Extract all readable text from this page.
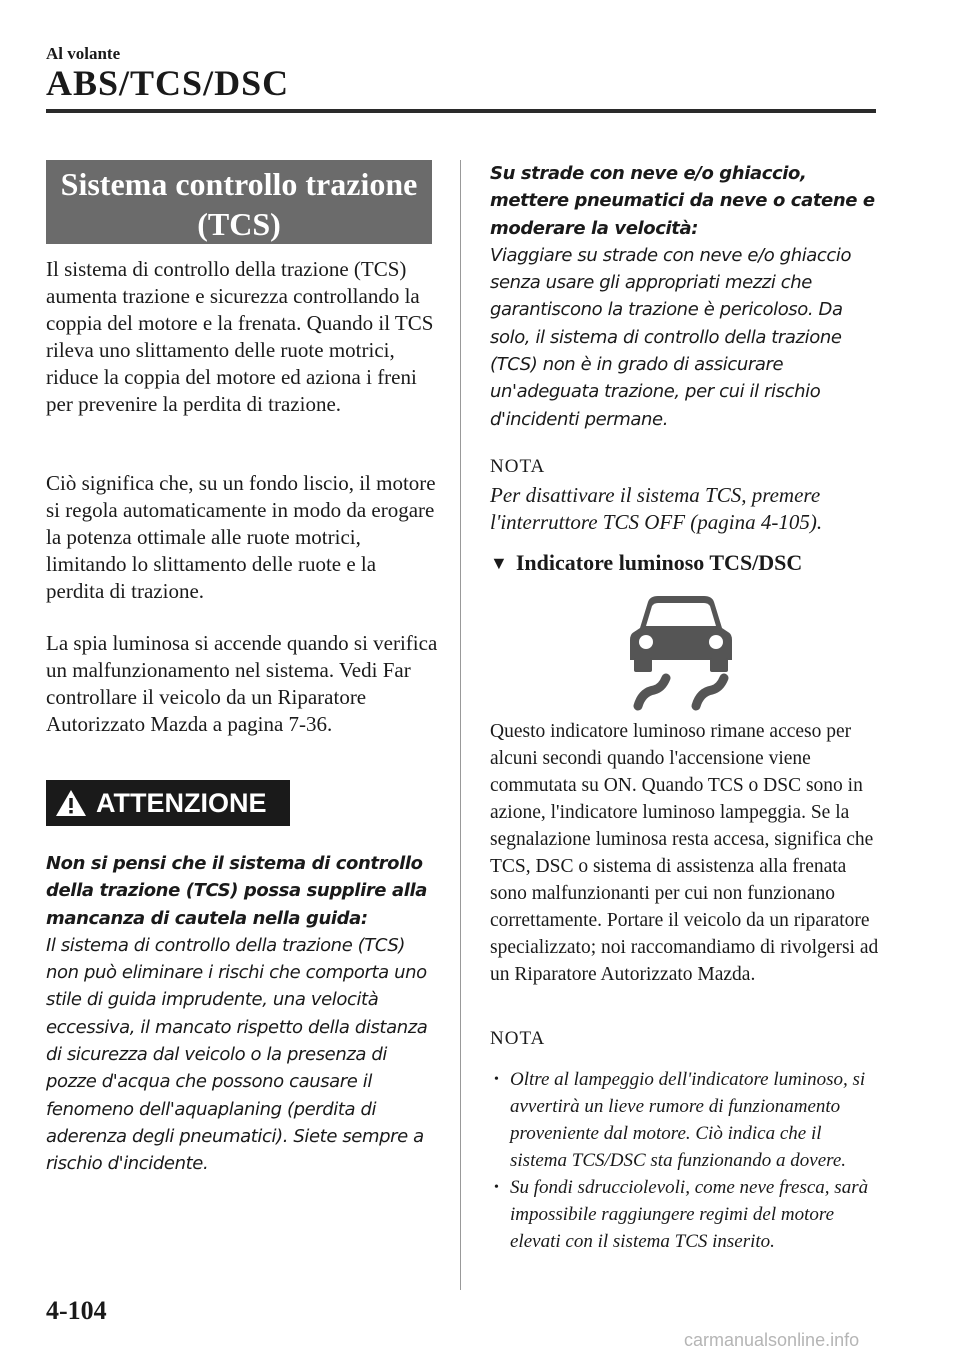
Al volante
ABS/TCS/DSC
Sistema controllo trazione
(TCS)
Il sistema di controllo della trazione (TCS) aumenta trazione e sicurezza controllando la coppia del motore e la frenata. Quando il TCS rileva uno slittamento delle ruote motrici, riduce la coppia del motore ed aziona i freni per prevenire la perdita di trazione.
Ciò significa che, su un fondo liscio, il motore si regola automaticamente in modo da erogare la potenza ottimale alle ruote motrici, limitando lo slittamento delle ruote e la perdita di trazione.
La spia luminosa si accende quando si verifica un malfunzionamento nel sistema. Vedi Far controllare il veicolo da un Riparatore Autorizzato Mazda a pagina 7-36.
ATTENZIONE
Non si pensi che il sistema di controllo della trazione (TCS) possa supplire alla mancanza di cautela nella guida:
Il sistema di controllo della trazione (TCS) non può eliminare i rischi che comporta uno stile di guida imprudente, una velocità eccessiva, il mancato rispetto della distanza di sicurezza dal veicolo o la presenza di pozze d'acqua che possono causare il fenomeno dell'aquaplaning (perdita di aderenza degli pneumatici). Siete sempre a rischio d'incidente.
Su strade con neve e/o ghiaccio, mettere pneumatici da neve o catene e moderare la velocità:
Viaggiare su strade con neve e/o ghiaccio senza usare gli appropriati mezzi che garantiscono la trazione è pericoloso. Da solo, il sistema di controllo della trazione (TCS) non è in grado di assicurare un'adeguata trazione, per cui il rischio d'incidenti permane.
NOTA
Per disattivare il sistema TCS, premere l'interruttore TCS OFF (pagina 4-105).
▼ Indicatore luminoso TCS/DSC
Questo indicatore luminoso rimane acceso per alcuni secondi quando l'accensione viene commutata su ON. Quando TCS o DSC sono in azione, l'indicatore luminoso lampeggia. Se la segnalazione luminosa resta accesa, significa che TCS, DSC o sistema di assistenza alla frenata sono malfunzionanti per cui non funzionano correttamente. Portare il veicolo da un riparatore specializzato; noi raccomandiamo di rivolgersi ad un Riparatore Autorizzato Mazda.
NOTA

• Oltre al lampeggio dell'indicatore luminoso, si avvertirà un lieve rumore di funzionamento proveniente dal motore. Ciò indica che il sistema TCS/DSC sta funzionando a dovere.

• Su fondi sdrucciolevoli, come neve fresca, sarà impossibile raggiungere regimi del motore elevati con il sistema TCS inserito.

4-104
carmanualsonline.info
